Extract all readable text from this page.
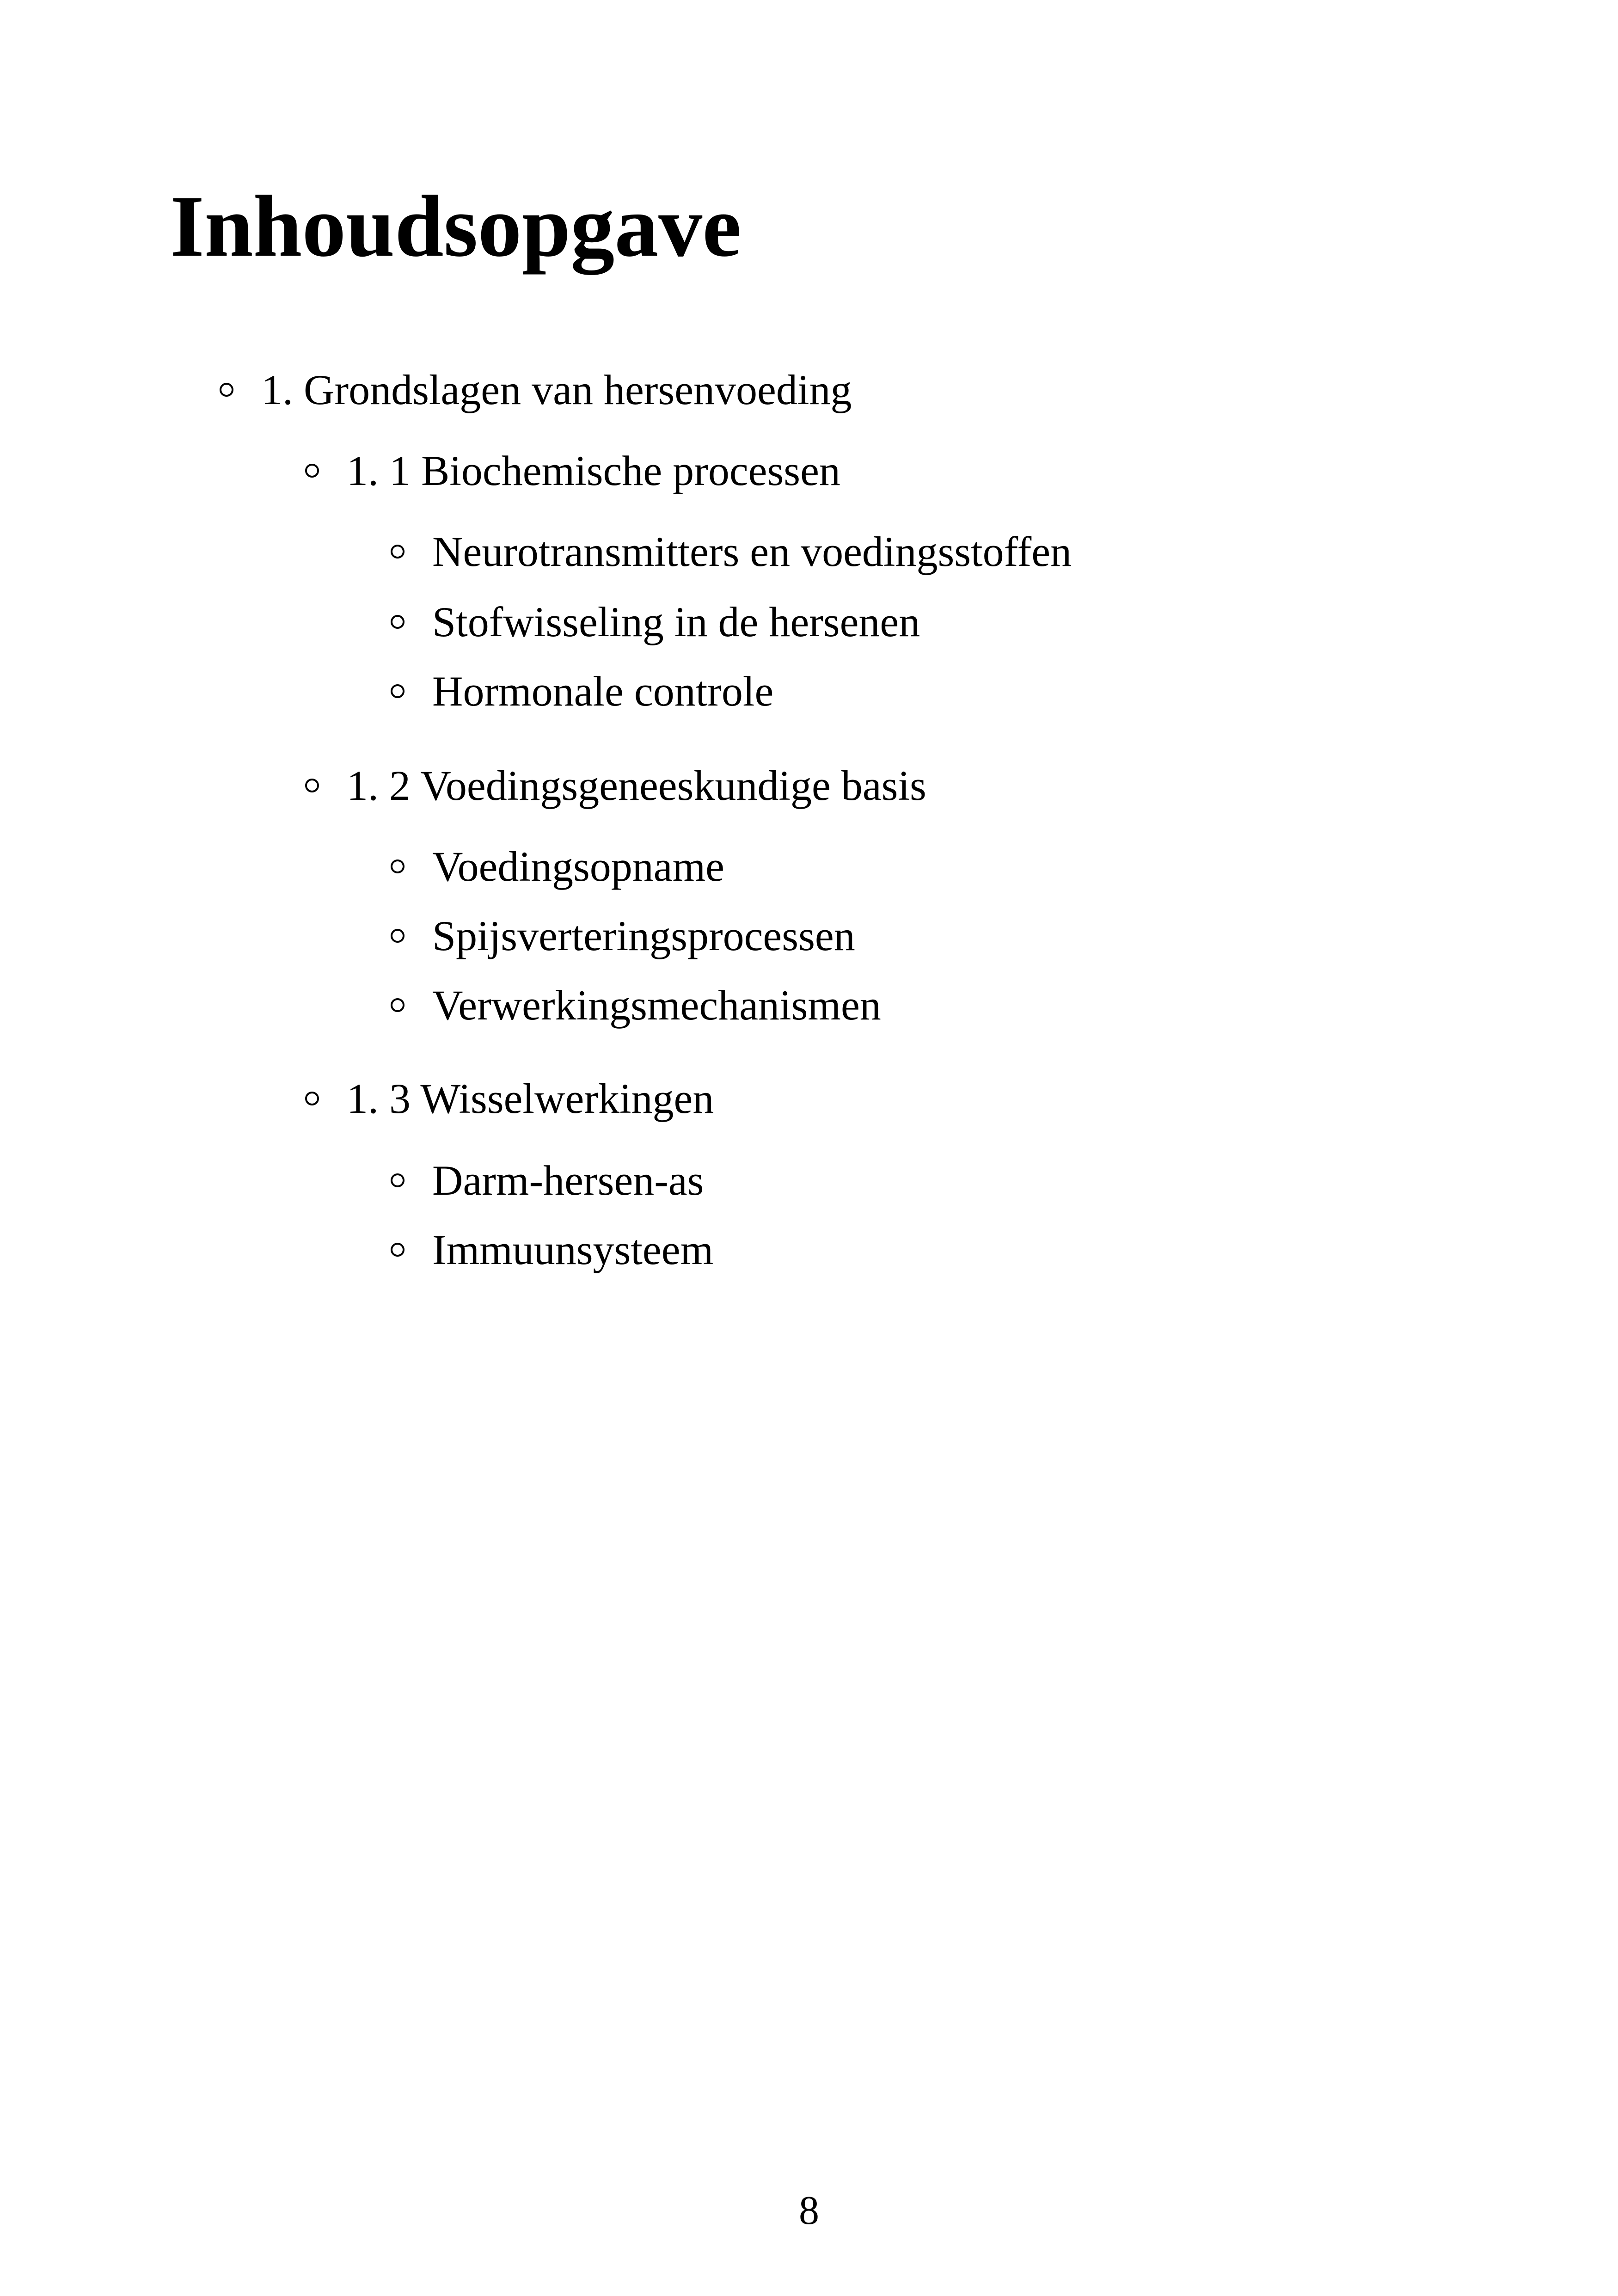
Inhoudsopgave
1. Grondslagen van hersenvoeding
1. 1 Biochemische processen
Neurotransmitters en voedingsstoffen
Stofwisseling in de hersenen
Hormonale controle
1. 2 Voedingsgeneeskundige basis
Voedingsopname
Spijsverteringsprocessen
Verwerkingsmechanismen
1. 3 Wisselwerkingen
Darm-hersen-as
Immuunsysteem
8
